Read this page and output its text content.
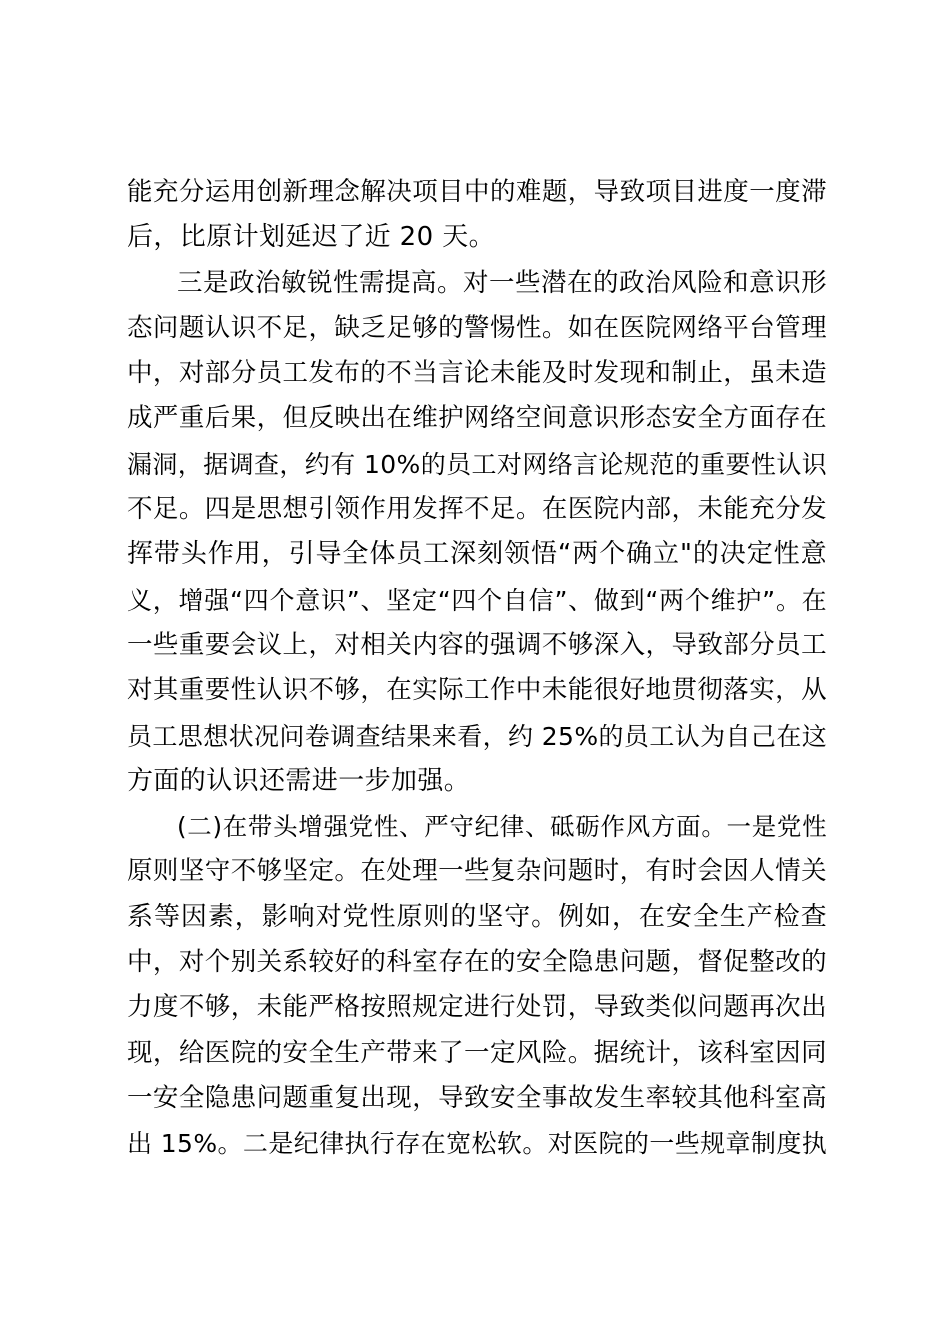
能充分运用创新理念解决项目中的难题，导致项目进度一度滞
后，比原计划延迟了近 20 天。
三是政治敏锐性需提高。对一些潜在的政治风险和意识形
态问题认识不足，缺乏足够的警惕性。如在医院网络平台管理
中，对部分员工发布的不当言论未能及时发现和制止，虽未造
成严重后果，但反映出在维护网络空间意识形态安全方面存在
漏洞，据调查，约有 10%的员工对网络言论规范的重要性认识
不足。四是思想引领作用发挥不足。在医院内部，未能充分发
挥带头作用，引导全体员工深刻领悟“两个确立"的决定性意
义，增强“四个意识”、坚定“四个自信”、做到“两个维护”。在
一些重要会议上，对相关内容的强调不够深入，导致部分员工
对其重要性认识不够，在实际工作中未能很好地贯彻落实，从
员工思想状况问卷调查结果来看，约 25%的员工认为自己在这
方面的认识还需进一步加强。
(二)在带头增强党性、严守纪律、砥砺作风方面。一是党性
原则坚守不够坚定。在处理一些复杂问题时，有时会因人情关
系等因素，影响对党性原则的坚守。例如，在安全生产检查
中，对个别关系较好的科室存在的安全隐患问题，督促整改的
力度不够，未能严格按照规定进行处罚，导致类似问题再次出
现，给医院的安全生产带来了一定风险。据统计，该科室因同
一安全隐患问题重复出现，导致安全事故发生率较其他科室高
出 15%。二是纪律执行存在宽松软。对医院的一些规章制度执
